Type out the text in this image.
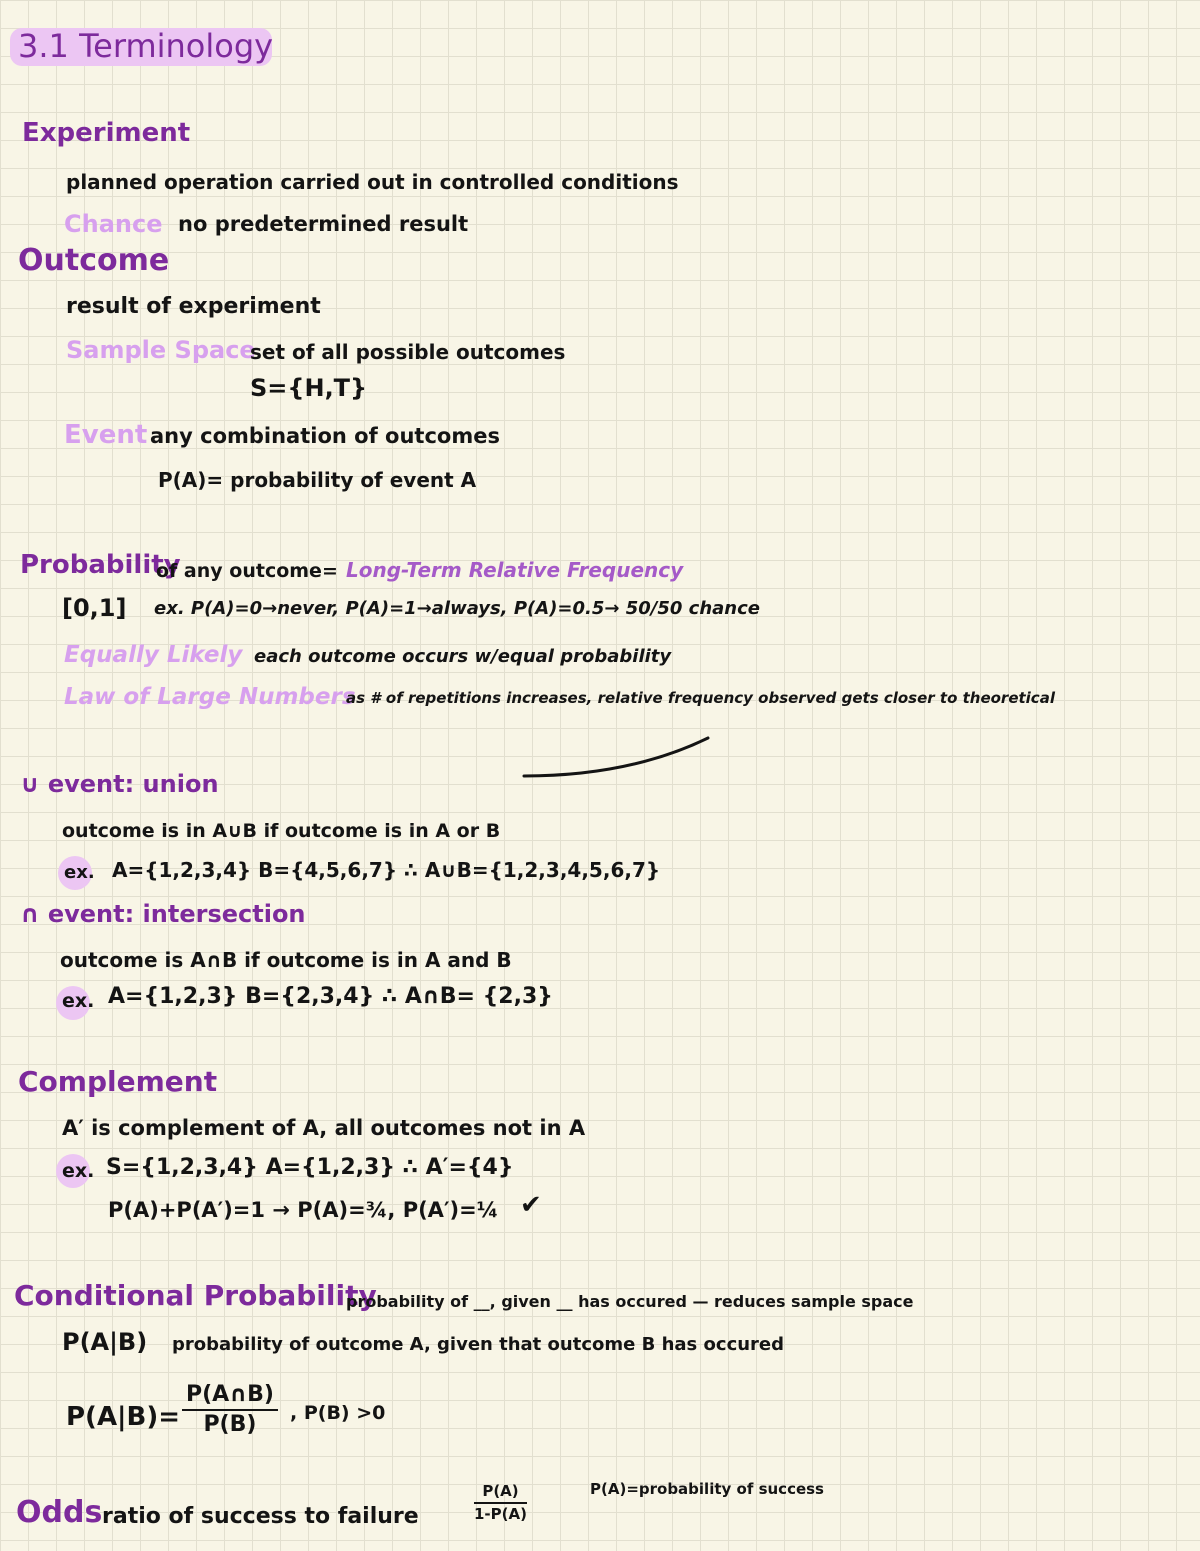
3.1 Terminology
Experiment
planned operation carried out in controlled conditions
Chance no predetermined result
Outcome
result of experiment
Sample Space
set of all possible outcomes
S={H,T}
Event any combination of outcomes
P(A)= probability of event A
Probability
of any outcome= Long-Term Relative Frequency
[0,1] ex. P(A)=0→never, P(A)=1→always, P(A)=0.5→ 50/50 chance
Equally Likely each outcome occurs w/equal probability
Law of Large Numbers
as # of repetitions increases, relative frequency observed gets closer to theoretical
∪ event: union
outcome is in A∪B if outcome is in A or B
ex. A={1,2,3,4} B={4,5,6,7} ∴ A∪B={1,2,3,4,5,6,7}
∩ event: intersection
outcome is A∩B if outcome is in A and B
ex. A={1,2,3} B={2,3,4} ∴ A∩B= {2,3}
Complement
A′ is complement of A, all outcomes not in A
ex. S={1,2,3,4} A={1,2,3} ∴ A′={4}
P(A)+P(A′)=1 → P(A)=¾, P(A′)=¼ ✔
Conditional Probability
probability of __, given __ has occured — reduces sample space
P(A|B) probability of outcome A, given that outcome B has occured
$P(A|B)= \frac{P(A\cap B)}{P(B)}$ , P(B) >0
Odds ratio of success to failure	$\frac{P(A)}{1-P(A)}$	P(A)=probability of success
